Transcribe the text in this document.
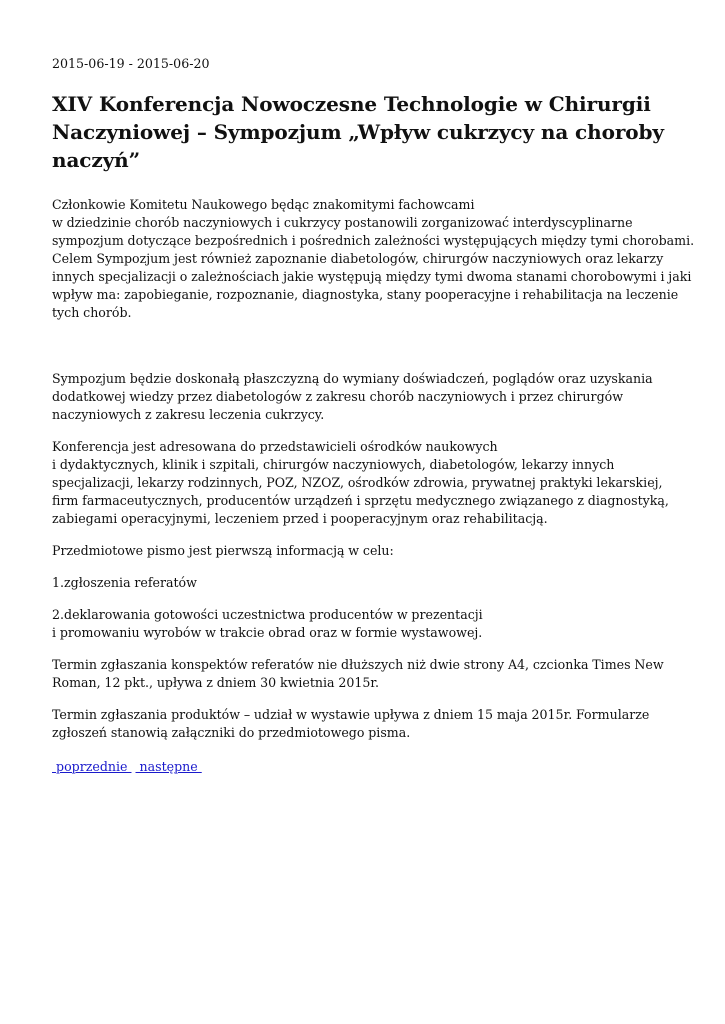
2015-06-19 - 2015-06-20

XIV Konferencja Nowoczesne Technologie w Chirurgii
Naczyniowej – Sympozjum „Wpływ cukrzycy na choroby
naczyń”

Członkowie Komitetu Naukowego będąc znakomitymi fachowcami
w dziedzinie chorób naczyniowych i cukrzycy postanowili zorganizować interdyscyplinarne
sympozjum dotyczące bezpośrednich i pośrednich zależności występujących między tymi chorobami.
Celem Sympozjum jest również zapoznanie diabetologów, chirurgów naczyniowych oraz lekarzy
innych specjalizacji o zależnościach jakie występują między tymi dwoma stanami chorobowymi i jaki
wpływ ma: zapobieganie, rozpoznanie, diagnostyka, stany pooperacyjne i rehabilitacja na leczenie
tych chorób.

Sympozjum będzie doskonałą płaszczyzną do wymiany doświadczeń, poglądów oraz uzyskania
dodatkowej wiedzy przez diabetologów z zakresu chorób naczyniowych i przez chirurgów
naczyniowych z zakresu leczenia cukrzycy.

Konferencja jest adresowana do przedstawicieli ośrodków naukowych
i dydaktycznych, klinik i szpitali, chirurgów naczyniowych, diabetologów, lekarzy innych
specjalizacji, lekarzy rodzinnych, POZ, NZOZ, ośrodków zdrowia, prywatnej praktyki lekarskiej,
firm farmaceutycznych, producentów urządzeń i sprzętu medycznego związanego z diagnostyką,
zabiegami operacyjnymi, leczeniem przed i pooperacyjnym oraz rehabilitacją.

Przedmiotowe pismo jest pierwszą informacją w celu:

1.zgłoszenia referatów

2.deklarowania gotowości uczestnictwa producentów w prezentacji
i promowaniu wyrobów w trakcie obrad oraz w formie wystawowej.

Termin zgłaszania konspektów referatów nie dłuższych niż dwie strony A4, czcionka Times New
Roman, 12 pkt., upływa z dniem 30 kwietnia 2015r.

Termin zgłaszania produktów – udział w wystawie upływa z dniem 15 maja 2015r. Formularze
zgłoszeń stanowią załączniki do przedmiotowego pisma.

poprzednie   następne
